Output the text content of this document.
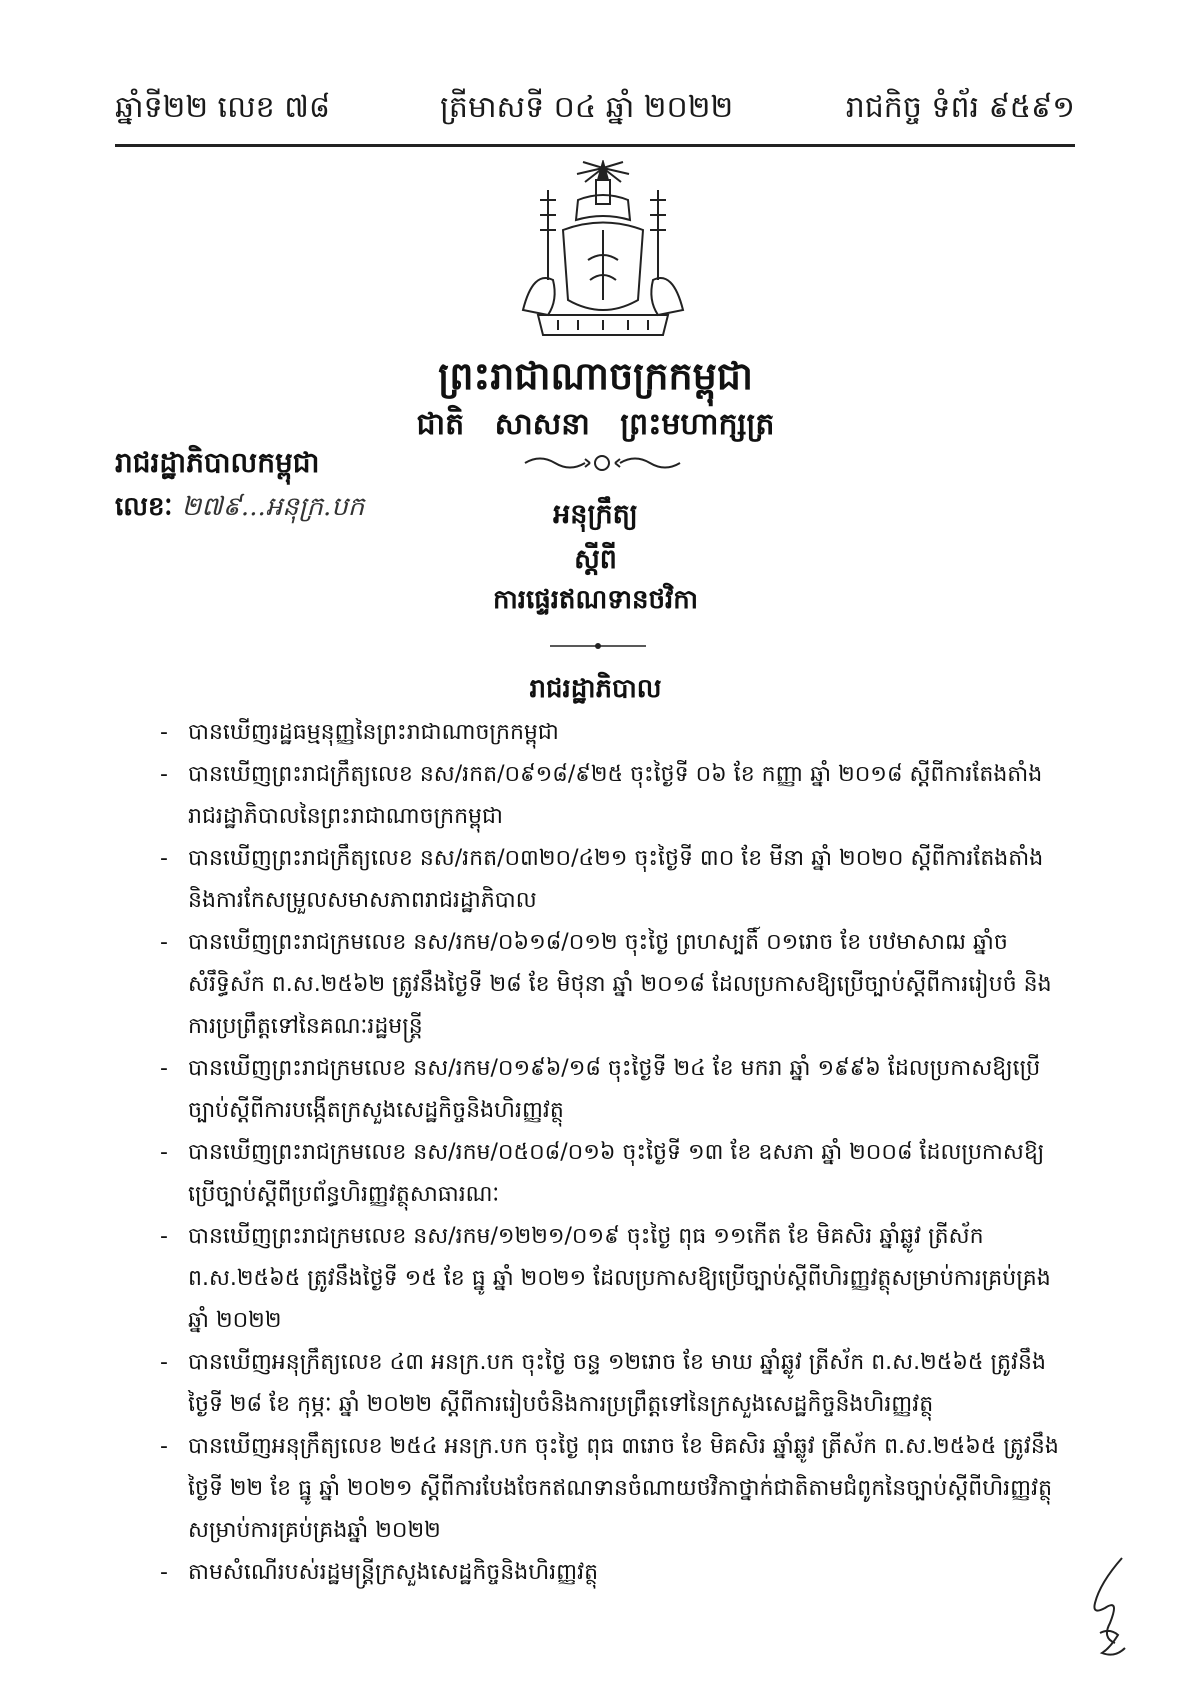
ឆ្នាំទី២២ លេខ ៧៨	ត្រីមាសទី ០៤ ឆ្នាំ ២០២២	រាជកិច្ច ទំព័រ ៩៥៩១
ព្រះរាជាណាចក្រកម្ពុជា
ជាតិ សាសនា ព្រះមហាក្សត្រ
រាជរដ្ឋាភិបាលកម្ពុជា
លេខៈ ២៧៩...អនុក្រ.បក	អនុក្រឹត្យ
ស្តីពី
ការផ្ទេរឥណទានថវិកា
រាជរដ្ឋាភិបាល
- បានឃើញរដ្ឋធម្មនុញ្ញនៃព្រះរាជាណាចក្រកម្ពុជា
- បានឃើញព្រះរាជក្រឹត្យលេខ នស/រកត/០៩១៨/៩២៥ ចុះថ្ងៃទី ០៦ ខែ កញ្ញា ឆ្នាំ ២០១៨ ស្តីពីការតែងតាំងរាជរដ្ឋាភិបាលនៃព្រះរាជាណាចក្រកម្ពុជា
- បានឃើញព្រះរាជក្រឹត្យលេខ នស/រកត/០៣២០/៤២១ ចុះថ្ងៃទី ៣០ ខែ មីនា ឆ្នាំ ២០២០ ស្តីពីការតែងតាំងនិងការកែសម្រួលសមាសភាពរាជរដ្ឋាភិបាល
- បានឃើញព្រះរាជក្រមលេខ នស/រកម/០៦១៨/០១២ ចុះថ្ងៃ ព្រហស្បតិ៍ ០១រោច ខែ បឋមាសាឍ ឆ្នាំច សំរឹទ្ធិស័ក ព.ស.២៥៦២ ត្រូវនឹងថ្ងៃទី ២៨ ខែ មិថុនា ឆ្នាំ ២០១៨ ដែលប្រកាសឱ្យប្រើច្បាប់ស្តីពីការរៀបចំ និងការប្រព្រឹត្តទៅនៃគណៈរដ្ឋមន្ត្រី
- បានឃើញព្រះរាជក្រមលេខ នស/រកម/០១៩៦/១៨ ចុះថ្ងៃទី ២៤ ខែ មករា ឆ្នាំ ១៩៩៦ ដែលប្រកាសឱ្យប្រើច្បាប់ស្តីពីការបង្កើតក្រសួងសេដ្ឋកិច្ចនិងហិរញ្ញវត្ថុ
- បានឃើញព្រះរាជក្រមលេខ នស/រកម/០៥០៨/០១៦ ចុះថ្ងៃទី ១៣ ខែ ឧសភា ឆ្នាំ ២០០៨ ដែលប្រកាសឱ្យប្រើច្បាប់ស្តីពីប្រព័ន្ធហិរញ្ញវត្ថុសាធារណៈ
- បានឃើញព្រះរាជក្រមលេខ នស/រកម/១២២១/០១៩ ចុះថ្ងៃ ពុធ ១១កើត ខែ មិគសិរ ឆ្នាំឆ្លូវ ត្រីស័ក ព.ស.២៥៦៥ ត្រូវនឹងថ្ងៃទី ១៥ ខែ ធ្នូ ឆ្នាំ ២០២១ ដែលប្រកាសឱ្យប្រើច្បាប់ស្តីពីហិរញ្ញវត្ថុសម្រាប់ការគ្រប់គ្រងឆ្នាំ ២០២២
- បានឃើញអនុក្រឹត្យលេខ ៤៣ អនក្រ.បក ចុះថ្ងៃ ចន្ទ ១២រោច ខែ មាឃ ឆ្នាំឆ្លូវ ត្រីស័ក ព.ស.២៥៦៥ ត្រូវនឹងថ្ងៃទី ២៨ ខែ កុម្ភៈ ឆ្នាំ ២០២២ ស្តីពីការរៀបចំនិងការប្រព្រឹត្តទៅនៃក្រសួងសេដ្ឋកិច្ចនិងហិរញ្ញវត្ថុ
- បានឃើញអនុក្រឹត្យលេខ ២៥៤ អនក្រ.បក ចុះថ្ងៃ ពុធ ៣រោច ខែ មិគសិរ ឆ្នាំឆ្លូវ ត្រីស័ក ព.ស.២៥៦៥ ត្រូវនឹងថ្ងៃទី ២២ ខែ ធ្នូ ឆ្នាំ ២០២១ ស្តីពីការបែងចែកឥណទានចំណាយថវិកាថ្នាក់ជាតិតាមជំពូកនៃច្បាប់ស្តីពីហិរញ្ញវត្ថុសម្រាប់ការគ្រប់គ្រងឆ្នាំ ២០២២
- តាមសំណើរបស់រដ្ឋមន្ត្រីក្រសួងសេដ្ឋកិច្ចនិងហិរញ្ញវត្ថុ
